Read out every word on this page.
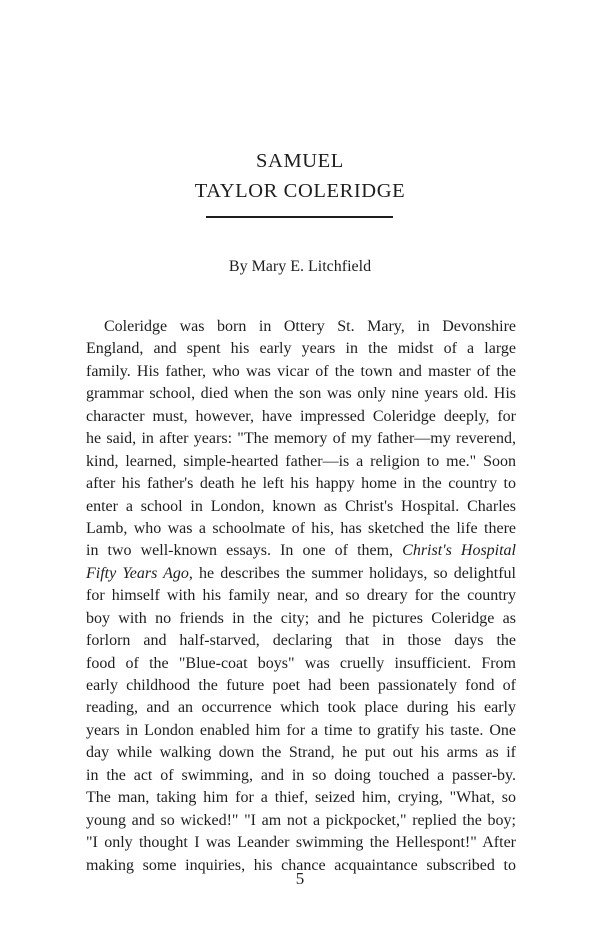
SAMUEL
TAYLOR COLERIDGE
By Mary E. Litchfield
Coleridge was born in Ottery St. Mary, in Devonshire
England, and spent his early years in the midst of a large
family. His father, who was vicar of the town and master of the
grammar school, died when the son was only nine years old. His
character must, however, have impressed Coleridge deeply, for
he said, in after years: "The memory of my father—my reverend,
kind, learned, simple-hearted father—is a religion to me." Soon
after his father's death he left his happy home in the country to
enter a school in London, known as Christ's Hospital. Charles
Lamb, who was a schoolmate of his, has sketched the life there
in two well-known essays. In one of them, Christ's Hospital
Fifty Years Ago, he describes the summer holidays, so delightful
for himself with his family near, and so dreary for the country
boy with no friends in the city; and he pictures Coleridge as
forlorn and half-starved, declaring that in those days the
food of the "Blue-coat boys" was cruelly insufficient. From
early childhood the future poet had been passionately fond of
reading, and an occurrence which took place during his early
years in London enabled him for a time to gratify his taste. One
day while walking down the Strand, he put out his arms as if
in the act of swimming, and in so doing touched a passer-by.
The man, taking him for a thief, seized him, crying, "What, so
young and so wicked!" "I am not a pickpocket," replied the boy;
"I only thought I was Leander swimming the Hellespont!" After
making some inquiries, his chance acquaintance subscribed to
5
